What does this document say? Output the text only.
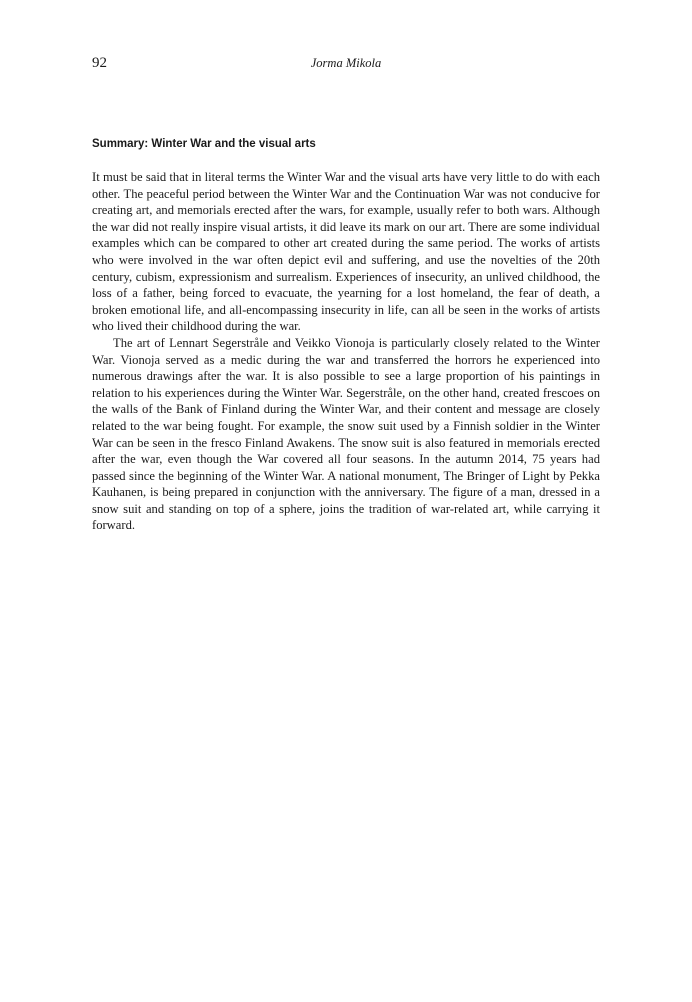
92	Jorma Mikola
Summary: Winter War and the visual arts

It must be said that in literal terms the Winter War and the visual arts have very little to do with each other. The peaceful period between the Winter War and the Continuation War was not conducive for creating art, and memorials erected after the wars, for example, usually refer to both wars. Although the war did not really inspire visual artists, it did leave its mark on our art. There are some individual examples which can be compared to other art created during the same period. The works of artists who were involved in the war often depict evil and suffering, and use the novelties of the 20th century, cubism, expressionism and surrealism. Experiences of insecurity, an unlived childhood, the loss of a father, being forced to evacuate, the yearning for a lost homeland, the fear of death, a broken emotional life, and all-encompassing insecurity in life, can all be seen in the works of artists who lived their childhood during the war.

The art of Lennart Segerstråle and Veikko Vionoja is particularly closely related to the Winter War. Vionoja served as a medic during the war and transferred the horrors he experienced into numerous drawings after the war. It is also possible to see a large proportion of his paintings in relation to his experiences during the Winter War. Segerstråle, on the other hand, created frescoes on the walls of the Bank of Finland during the Winter War, and their content and message are closely related to the war being fought. For example, the snow suit used by a Finnish soldier in the Winter War can be seen in the fresco Finland Awakens. The snow suit is also featured in memorials erected after the war, even though the War covered all four seasons. In the autumn 2014, 75 years had passed since the beginning of the Winter War. A national monument, The Bringer of Light by Pekka Kauhanen, is being prepared in conjunction with the anniversary. The figure of a man, dressed in a snow suit and standing on top of a sphere, joins the tradition of war-related art, while carrying it forward.
